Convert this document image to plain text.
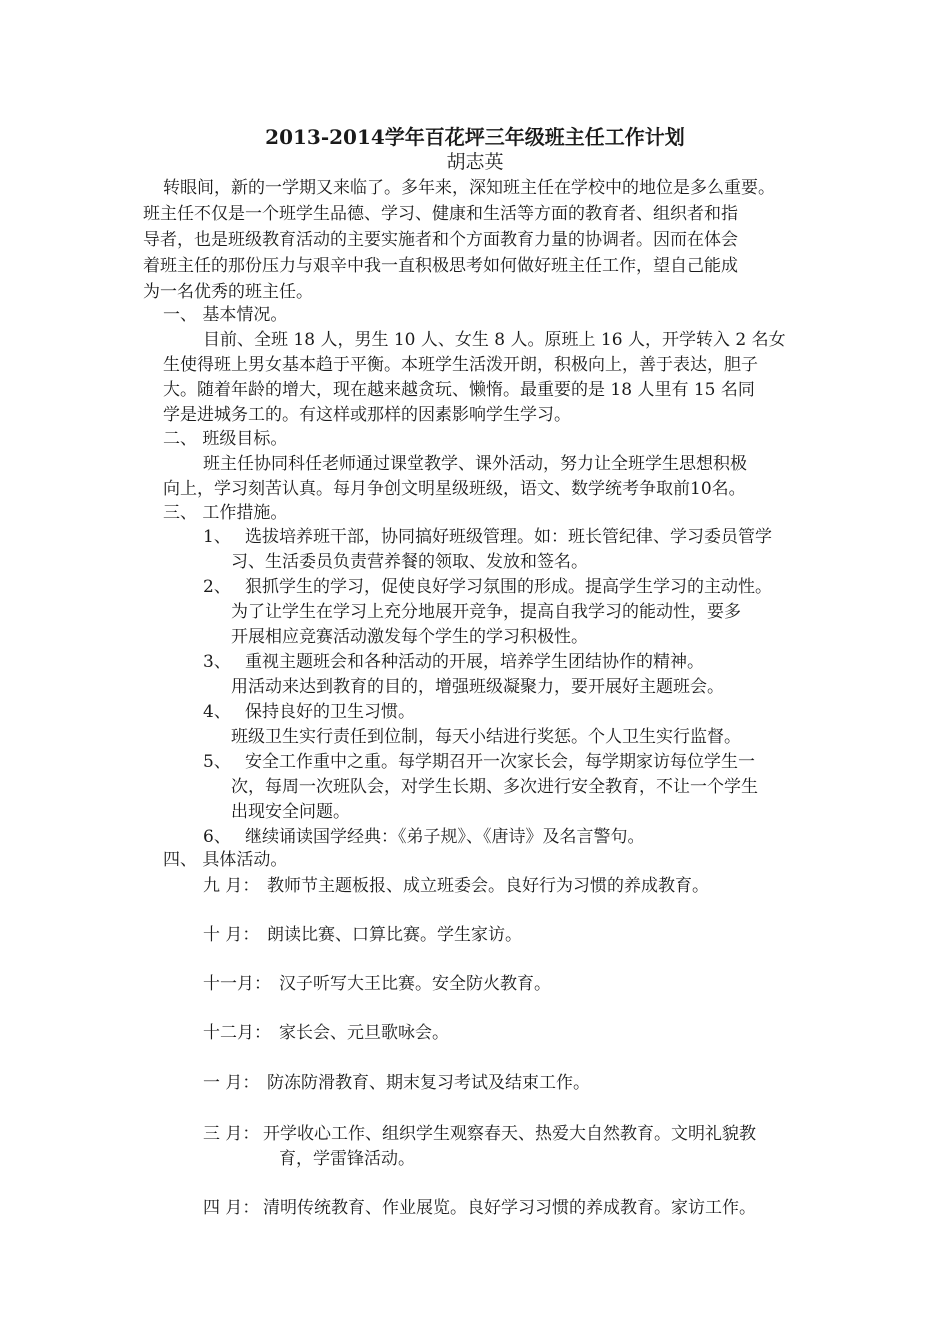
2013-2014学年百花坪三年级班主任工作计划
胡志英
转眼间，新的一学期又来临了。多年来，深知班主任在学校中的地位是多么重要。
班主任不仅是一个班学生品德、学习、健康和生活等方面的教育者、组织者和指
导者，也是班级教育活动的主要实施者和个方面教育力量的协调者。因而在体会
着班主任的那份压力与艰辛中我一直积极思考如何做好班主任工作，望自己能成
为一名优秀的班主任。
一、 基本情况。
目前、全班 18 人，男生 10 人、女生 8 人。原班上 16 人，开学转入 2 名女
生使得班上男女基本趋于平衡。本班学生活泼开朗，积极向上，善于表达，胆子
大。随着年龄的增大，现在越来越贪玩、懒惰。最重要的是 18 人里有 15 名同
学是进城务工的。有这样或那样的因素影响学生学习。
二、 班级目标。
班主任协同科任老师通过课堂教学、课外活动，努力让全班学生思想积极
向上，学习刻苦认真。每月争创文明星级班级，语文、数学统考争取前10名。
三、 工作措施。
1、 选拔培养班干部，协同搞好班级管理。如：班长管纪律、学习委员管学
习、生活委员负责营养餐的领取、发放和签名。
2、 狠抓学生的学习，促使良好学习氛围的形成。提高学生学习的主动性。
为了让学生在学习上充分地展开竞争，提高自我学习的能动性，要多
开展相应竞赛活动激发每个学生的学习积极性。
3、 重视主题班会和各种活动的开展，培养学生团结协作的精神。
用活动来达到教育的目的，增强班级凝聚力，要开展好主题班会。
4、 保持良好的卫生习惯。
班级卫生实行责任到位制，每天小结进行奖惩。个人卫生实行监督。
5、 安全工作重中之重。每学期召开一次家长会，每学期家访每位学生一
次，每周一次班队会，对学生长期、多次进行安全教育，不让一个学生
出现安全问题。
6、 继续诵读国学经典：《弟子规》、《唐诗》及名言警句。
四、 具体活动。
九 月： 教师节主题板报、成立班委会。良好行为习惯的养成教育。
十 月： 朗读比赛、口算比赛。学生家访。
十一月： 汉子听写大王比赛。安全防火教育。
十二月： 家长会、元旦歌咏会。
一 月： 防冻防滑教育、期末复习考试及结束工作。
三 月： 开学收心工作、组织学生观察春天、热爱大自然教育。文明礼貌教
育，学雷锋活动。
四 月： 清明传统教育、作业展览。良好学习习惯的养成教育。家访工作。
